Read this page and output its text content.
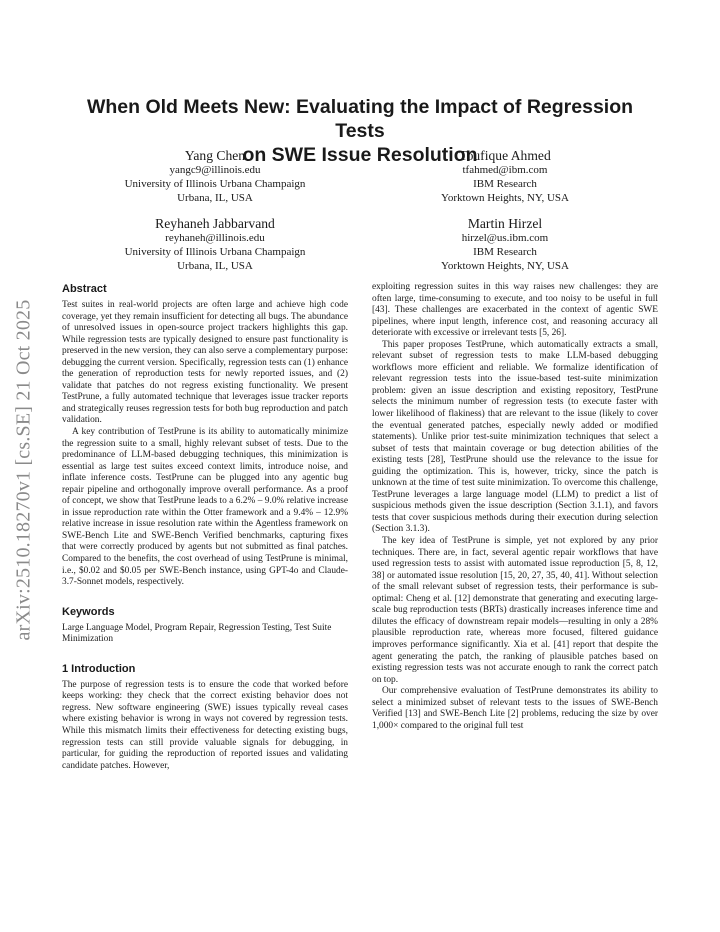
arXiv:2510.18270v1 [cs.SE] 21 Oct 2025
When Old Meets New: Evaluating the Impact of Regression Tests
on SWE Issue Resolution
Yang Chen
yangc9@illinois.edu
University of Illinois Urbana Champaign
Urbana, IL, USA
Toufique Ahmed
tfahmed@ibm.com
IBM Research
Yorktown Heights, NY, USA
Reyhaneh Jabbarvand
reyhaneh@illinois.edu
University of Illinois Urbana Champaign
Urbana, IL, USA
Martin Hirzel
hirzel@us.ibm.com
IBM Research
Yorktown Heights, NY, USA
Abstract

Test suites in real-world projects are often large and achieve high code coverage, yet they remain insufficient for detecting all bugs. The abundance of unresolved issues in open-source project trackers highlights this gap. While regression tests are typically designed to ensure past functionality is preserved in the new version, they can also serve a complementary purpose: debugging the current version. Specifically, regression tests can (1) enhance the generation of reproduction tests for newly reported issues, and (2) validate that patches do not regress existing functionality. We present TestPrune, a fully automated technique that leverages issue tracker reports and strategically reuses regression tests for both bug reproduction and patch validation.

A key contribution of TestPrune is its ability to automatically minimize the regression suite to a small, highly relevant subset of tests. Due to the predominance of LLM-based debugging techniques, this minimization is essential as large test suites exceed context limits, introduce noise, and inflate inference costs. TestPrune can be plugged into any agentic bug repair pipeline and orthogonally improve overall performance. As a proof of concept, we show that TestPrune leads to a 6.2% – 9.0% relative increase in issue reproduction rate within the Otter framework and a 9.4% – 12.9% relative increase in issue resolution rate within the Agentless framework on SWE-Bench Lite and SWE-Bench Verified benchmarks, capturing fixes that were correctly produced by agents but not submitted as final patches. Compared to the benefits, the cost overhead of using TestPrune is minimal, i.e., $0.02 and $0.05 per SWE-Bench instance, using GPT-4o and Claude-3.7-Sonnet models, respectively.

Keywords

Large Language Model, Program Repair, Regression Testing, Test Suite Minimization

1 Introduction

The purpose of regression tests is to ensure the code that worked before keeps working: they check that the correct existing behavior does not regress. New software engineering (SWE) issues typically reveal cases where existing behavior is wrong in ways not covered by regression tests. While this mismatch limits their effectiveness for detecting existing bugs, regression tests can still provide valuable signals for debugging, in particular, for guiding the reproduction of reported issues and validating candidate patches. However,

exploiting regression suites in this way raises new challenges: they are often large, time-consuming to execute, and too noisy to be useful in full [43]. These challenges are exacerbated in the context of agentic SWE pipelines, where input length, inference cost, and reasoning accuracy all deteriorate with excessive or irrelevant tests [5, 26].

This paper proposes TestPrune, which automatically extracts a small, relevant subset of regression tests to make LLM-based debugging workflows more efficient and reliable. We formalize identification of relevant regression tests into the issue-based test-suite minimization problem: given an issue description and existing repository, TestPrune selects the minimum number of regression tests (to execute faster with lower likelihood of flakiness) that are relevant to the issue (likely to cover the eventual generated patches, especially newly added or modified statements). Unlike prior test-suite minimization techniques that select a subset of tests that maintain coverage or bug detection abilities of the existing tests [28], TestPrune should use the relevance to the issue for guiding the optimization. This is, however, tricky, since the patch is unknown at the time of test suite minimization. To overcome this challenge, TestPrune leverages a large language model (LLM) to predict a list of suspicious methods given the issue description (Section 3.1.1), and favors tests that cover suspicious methods during their execution during selection (Section 3.1.3).

The key idea of TestPrune is simple, yet not explored by any prior techniques. There are, in fact, several agentic repair workflows that have used regression tests to assist with automated issue reproduction [5, 8, 12, 38] or automated issue resolution [15, 20, 27, 35, 40, 41]. Without selection of the small relevant subset of regression tests, their performance is sub-optimal: Cheng et al. [12] demonstrate that generating and executing large-scale bug reproduction tests (BRTs) drastically increases inference time and dilutes the efficacy of downstream repair models—resulting in only a 28% plausible reproduction rate, whereas more focused, filtered guidance improves performance significantly. Xia et al. [41] report that despite the agent generating the patch, the ranking of plausible patches based on existing regression tests was not accurate enough to rank the correct patch on top.

Our comprehensive evaluation of TestPrune demonstrates its ability to select a minimized subset of relevant tests to the issues of SWE-Bench Verified [13] and SWE-Bench Lite [2] problems, reducing the size by over 1,000× compared to the original full test
